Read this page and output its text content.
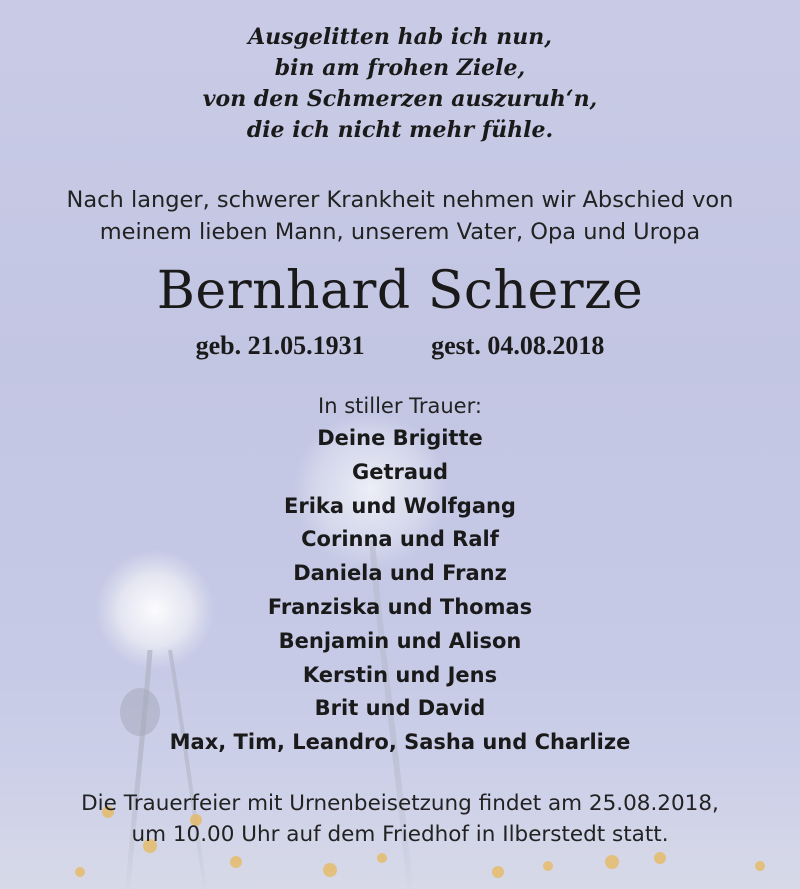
Ausgelitten hab ich nun,
bin am frohen Ziele,
von den Schmerzen auszuruh‘n,
die ich nicht mehr fühle.
Nach langer, schwerer Krankheit nehmen wir Abschied von
meinem lieben Mann, unserem Vater, Opa und Uropa
Bernhard Scherze
geb. 21.05.1931	gest. 04.08.2018
In stiller Trauer:
Deine Brigitte
Getraud
Erika und Wolfgang
Corinna und Ralf
Daniela und Franz
Franziska und Thomas
Benjamin und Alison
Kerstin und Jens
Brit und David
Max, Tim, Leandro, Sasha und Charlize
Die Trauerfeier mit Urnenbeisetzung findet am 25.08.2018,
um 10.00 Uhr auf dem Friedhof in Ilberstedt statt.
